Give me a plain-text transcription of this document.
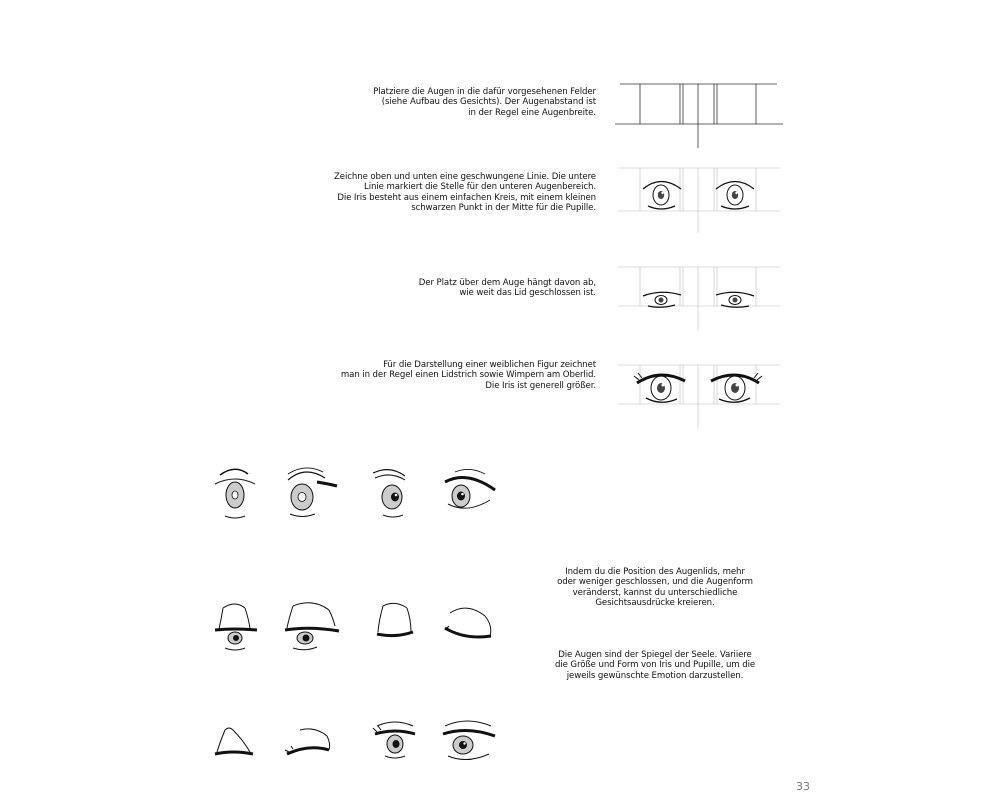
Platziere die Augen in die dafür vorgesehenen Felder
(siehe Aufbau des Gesichts). Der Augenabstand ist
in der Regel eine Augenbreite.
Zeichne oben und unten eine geschwungene Linie. Die untere
Linie markiert die Stelle für den unteren Augenbereich.
Die Iris besteht aus einem einfachen Kreis, mit einem kleinen
schwarzen Punkt in der Mitte für die Pupille.
Der Platz über dem Auge hängt davon ab,
wie weit das Lid geschlossen ist.
Für die Darstellung einer weiblichen Figur zeichnet
man in der Regel einen Lidstrich sowie Wimpern am Oberlid.
Die Iris ist generell größer.
Indem du die Position des Augenlids, mehr
oder weniger geschlossen, und die Augenform
veränderst, kannst du unterschiedliche
Gesichtsausdrücke kreieren.
Die Augen sind der Spiegel der Seele. Variiere
die Größe und Form von Iris und Pupille, um die
jeweils gewünschte Emotion darzustellen.
33
